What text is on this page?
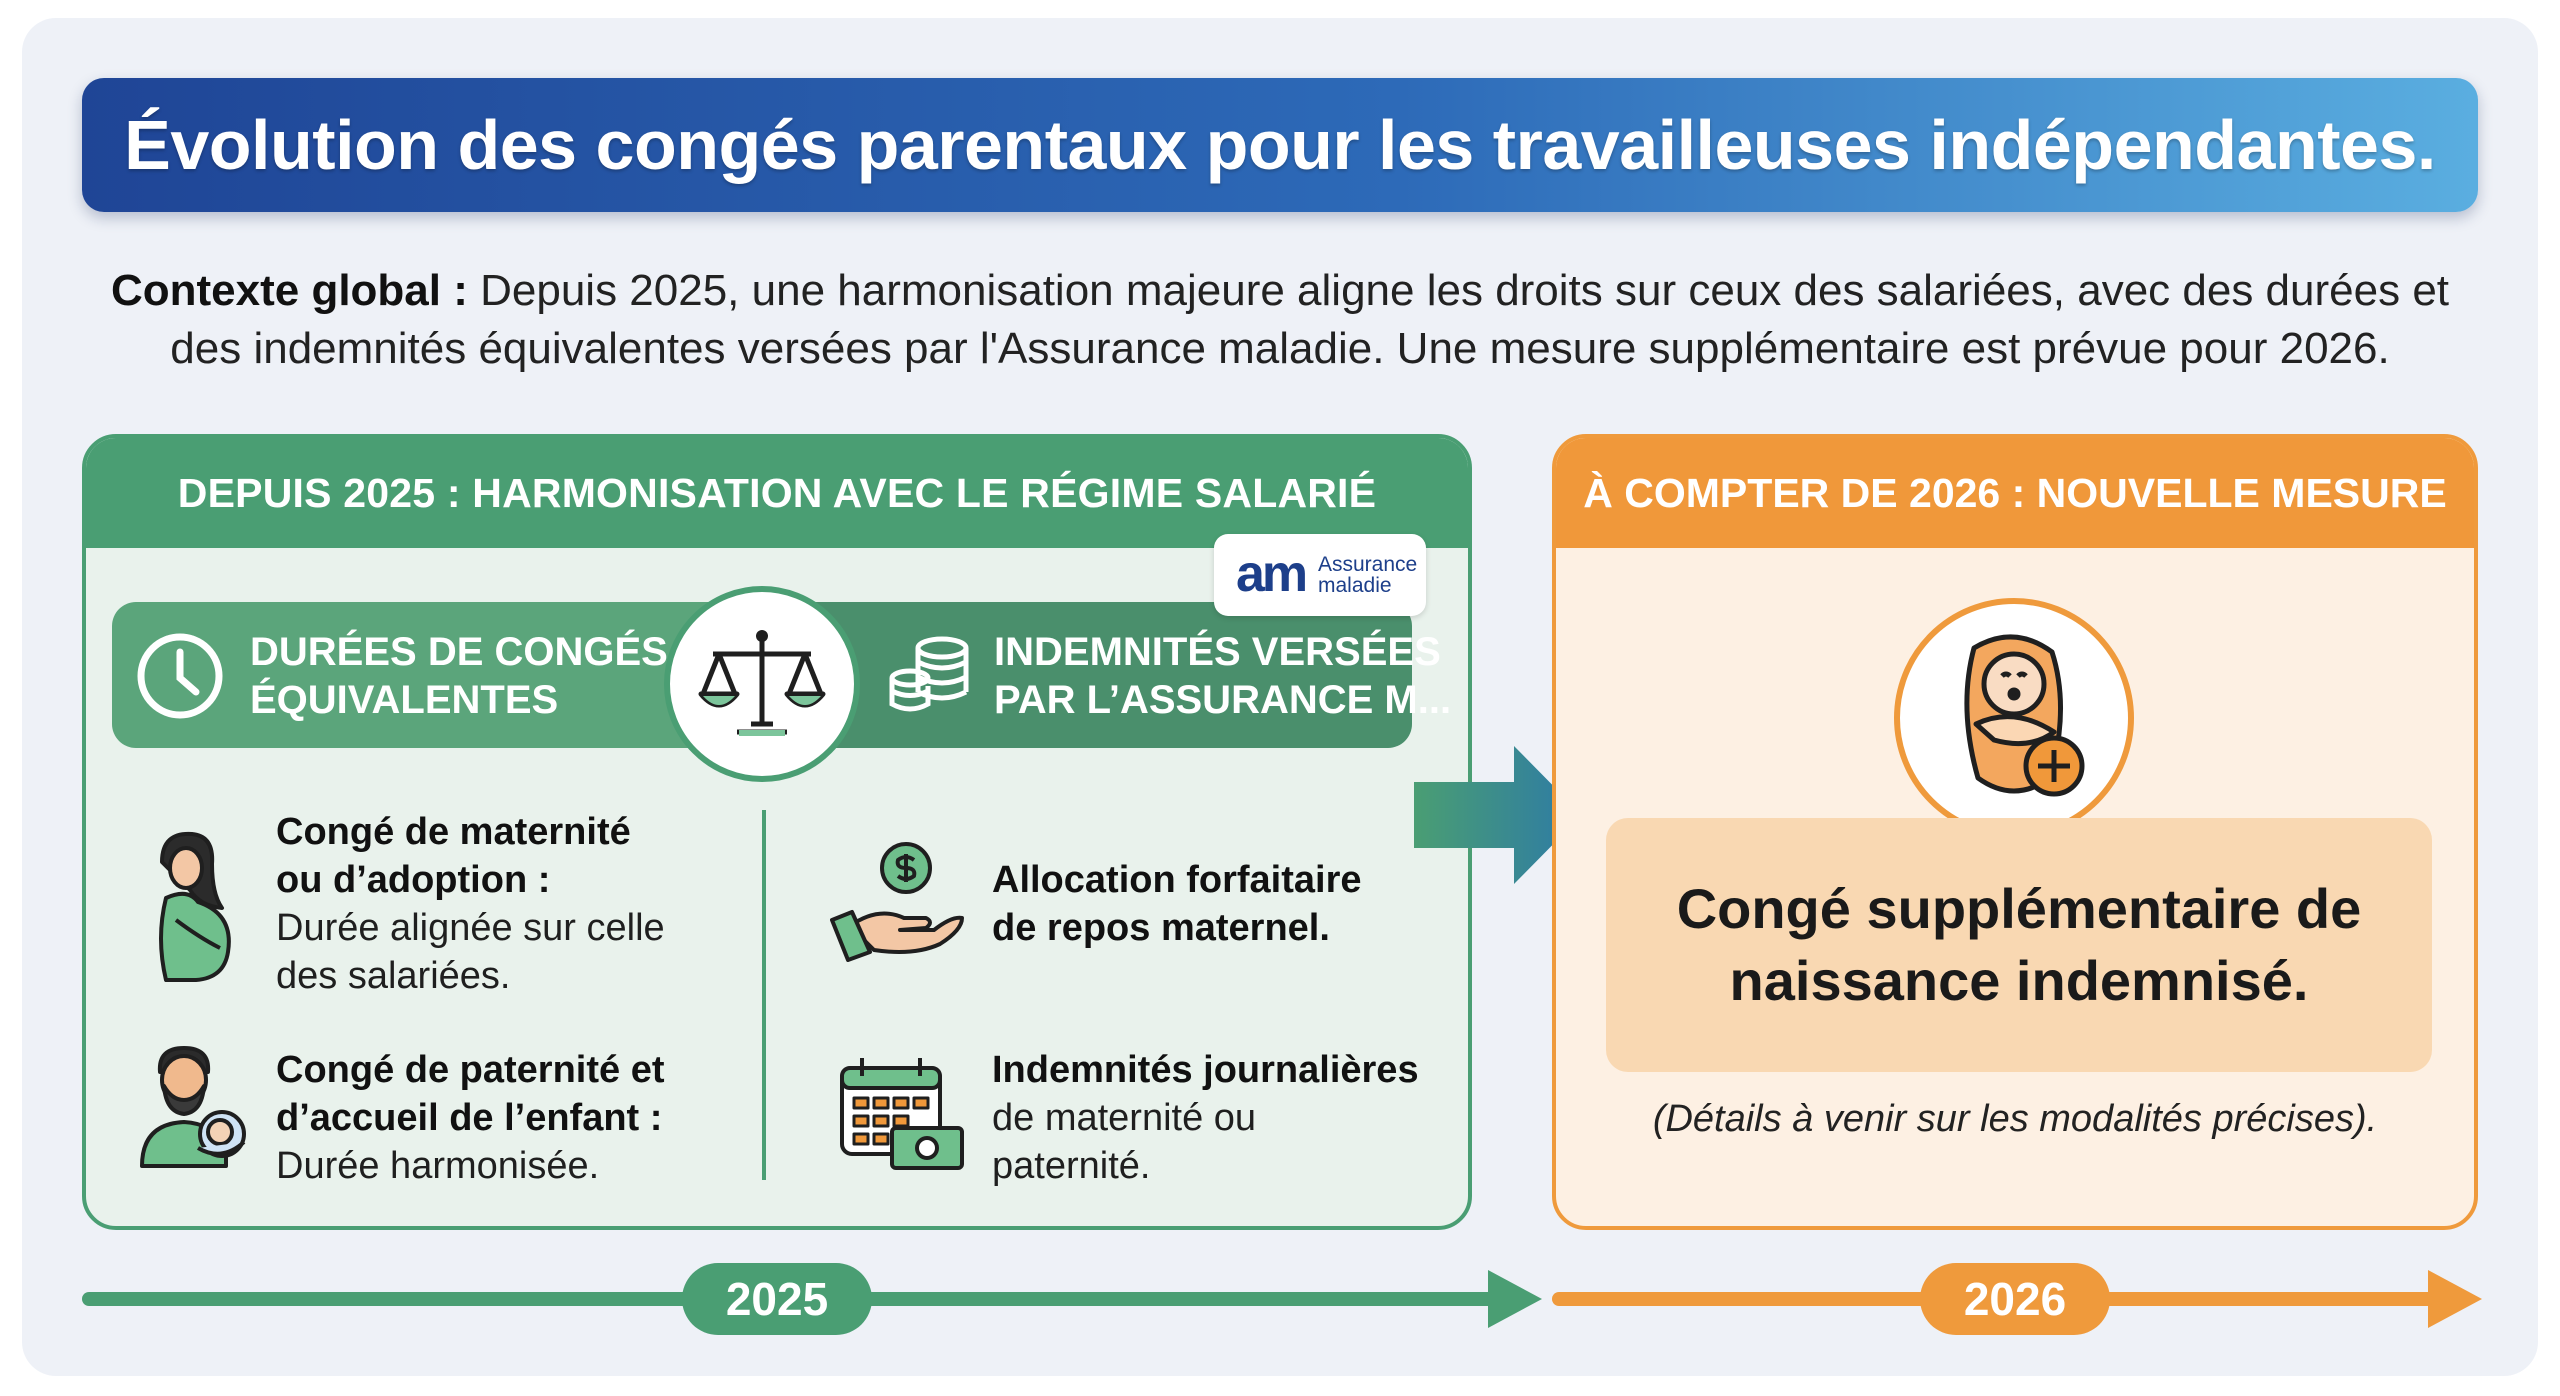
Évolution des congés parentaux pour les travailleuses indépendantes.
Contexte global : Depuis 2025, une harmonisation majeure aligne les droits sur ceux des salariées, avec des durées et des indemnités équivalentes versées par l'Assurance maladie. Une mesure supplémentaire est prévue pour 2026.
DEPUIS 2025 : HARMONISATION AVEC LE RÉGIME SALARIÉ
DURÉES DE CONGÉS
ÉQUIVALENTES
INDEMNITÉS VERSÉES
PAR L’ASSURANCE M...
am Assurance
maladie
Congé de maternité
ou d’adoption :
Durée alignée sur celle
des salariées.
Congé de paternité et
d’accueil de l’enfant :
Durée harmonisée.
Allocation forfaitaire
de repos maternel.
Indemnités journalières
de maternité ou
paternité.
À COMPTER DE 2026 : NOUVELLE MESURE
Congé supplémentaire de
naissance indemnisé.
(Détails à venir sur les modalités précises).
2025	2026
